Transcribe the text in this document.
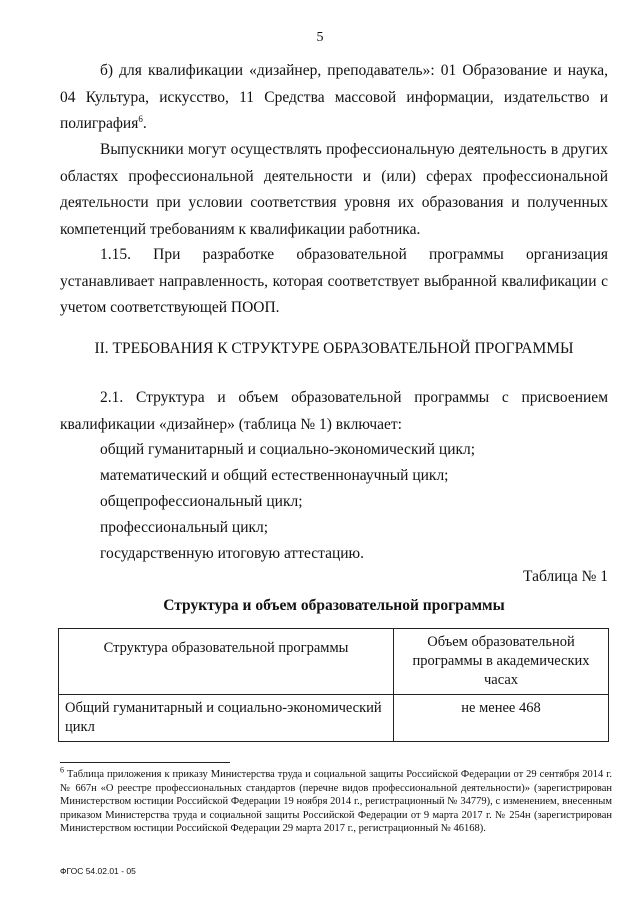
5
б) для квалификации «дизайнер, преподаватель»: 01 Образование и наука, 04 Культура, искусство, 11 Средства массовой информации, издательство и полиграфия$^6$.
Выпускники могут осуществлять профессиональную деятельность в других областях профессиональной деятельности и (или) сферах профессиональной деятельности при условии соответствия уровня их образования и полученных компетенций требованиям к квалификации работника.
1.15. При разработке образовательной программы организация устанавливает направленность, которая соответствует выбранной квалификации с учетом соответствующей ПООП.
II. ТРЕБОВАНИЯ К СТРУКТУРЕ ОБРАЗОВАТЕЛЬНОЙ ПРОГРАММЫ
2.1. Структура и объем образовательной программы с присвоением квалификации «дизайнер» (таблица № 1) включает:
общий гуманитарный и социально-экономический цикл;
математический и общий естественнонаучный цикл;
общепрофессиональный цикл;
профессиональный цикл;
государственную итоговую аттестацию.
Таблица № 1
Структура и объем образовательной программы
Структура образовательной программы	Объем образовательной программы в академических часах
Общий гуманитарный и социально-экономический цикл	не менее 468
$^6$ Таблица приложения к приказу Министерства труда и социальной защиты Российской Федерации от 29 сентября 2014 г. № 667н «О реестре профессиональных стандартов (перечне видов профессиональной деятельности)» (зарегистрирован Министерством юстиции Российской Федерации 19 ноября 2014 г., регистрационный № 34779), с изменением, внесенным приказом Министерства труда и социальной защиты Российской Федерации от 9 марта 2017 г. № 254н (зарегистрирован Министерством юстиции Российской Федерации 29 марта 2017 г., регистрационный № 46168).
ФГОС 54.02.01 - 05
